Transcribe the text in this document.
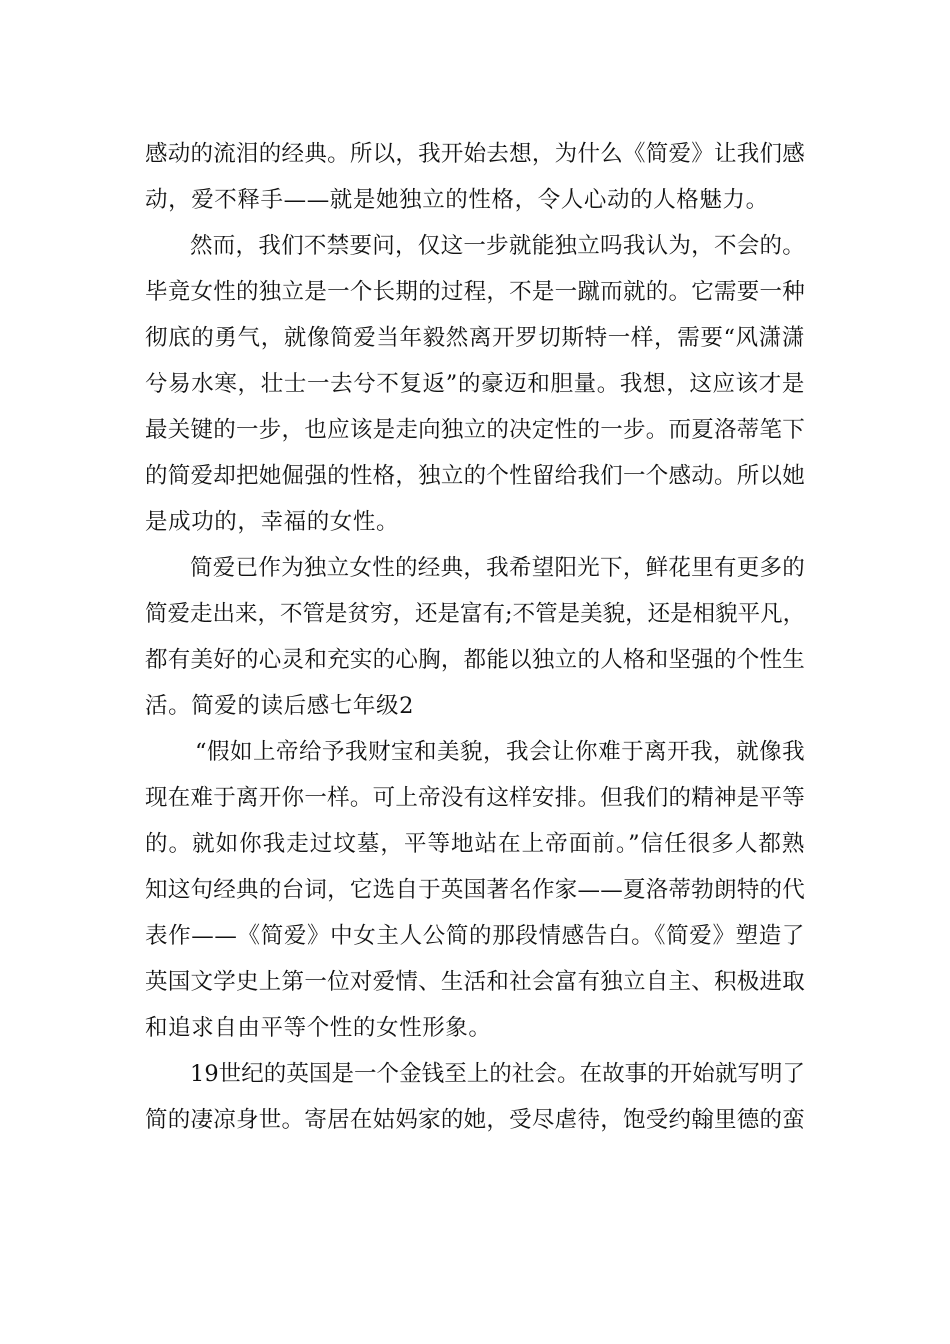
感动的流泪的经典。所以，我开始去想，为什么《简爱》让我们感
动，爱不释手——就是她独立的性格，令人心动的人格魅力。
然而，我们不禁要问，仅这一步就能独立吗我认为，不会的。
毕竟女性的独立是一个长期的过程，不是一蹴而就的。它需要一种
彻底的勇气，就像简爱当年毅然离开罗切斯特一样，需要“风潇潇
兮易水寒，壮士一去兮不复返”的豪迈和胆量。我想，这应该才是
最关键的一步，也应该是走向独立的决定性的一步。而夏洛蒂笔下
的简爱却把她倔强的性格，独立的个性留给我们一个感动。所以她
是成功的，幸福的女性。
简爱已作为独立女性的经典，我希望阳光下，鲜花里有更多的
简爱走出来，不管是贫穷，还是富有;不管是美貌，还是相貌平凡，
都有美好的心灵和充实的心胸，都能以独立的人格和坚强的个性生
活。简爱的读后感七年级2
“假如上帝给予我财宝和美貌，我会让你难于离开我，就像我
现在难于离开你一样。可上帝没有这样安排。但我们的精神是平等
的。就如你我走过坟墓，平等地站在上帝面前。”信任很多人都熟
知这句经典的台词，它选自于英国著名作家——夏洛蒂勃朗特的代
表作——《简爱》中女主人公简的那段情感告白。《简爱》塑造了
英国文学史上第一位对爱情、生活和社会富有独立自主、积极进取
和追求自由平等个性的女性形象。
19世纪的英国是一个金钱至上的社会。在故事的开始就写明了
简的凄凉身世。寄居在姑妈家的她，受尽虐待，饱受约翰里德的蛮
